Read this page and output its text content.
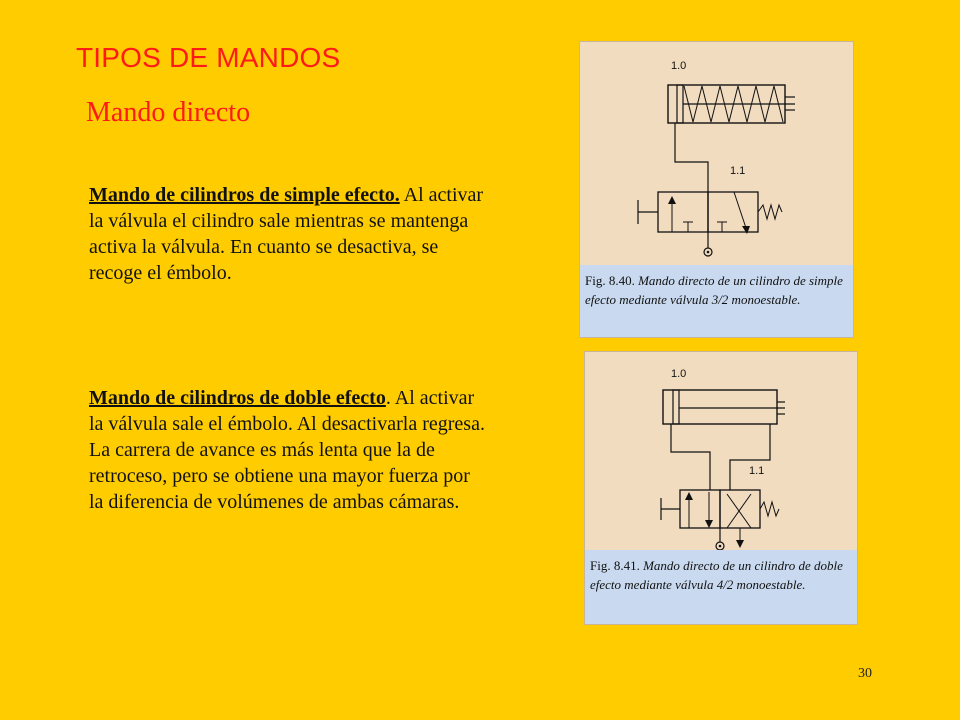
TIPOS DE MANDOS
Mando directo
Mando de cilindros de simple efecto. Al activar la válvula el cilindro sale mientras se mantenga activa la válvula. En cuanto se desactiva, se recoge el émbolo.
Mando de cilindros de doble efecto. Al activar la válvula sale el émbolo. Al desactivarla regresa. La carrera de avance es más lenta que la de retroceso, pero se obtiene una mayor fuerza por la diferencia de volúmenes de ambas cámaras.
1.0
1.1
Fig. 8.40. Mando directo de un cilindro de simple efecto mediante válvula 3/2 monoestable.
1.0
1.1
Fig. 8.41. Mando directo de un cilindro de doble efecto mediante válvula 4/2 monoestable.
30
